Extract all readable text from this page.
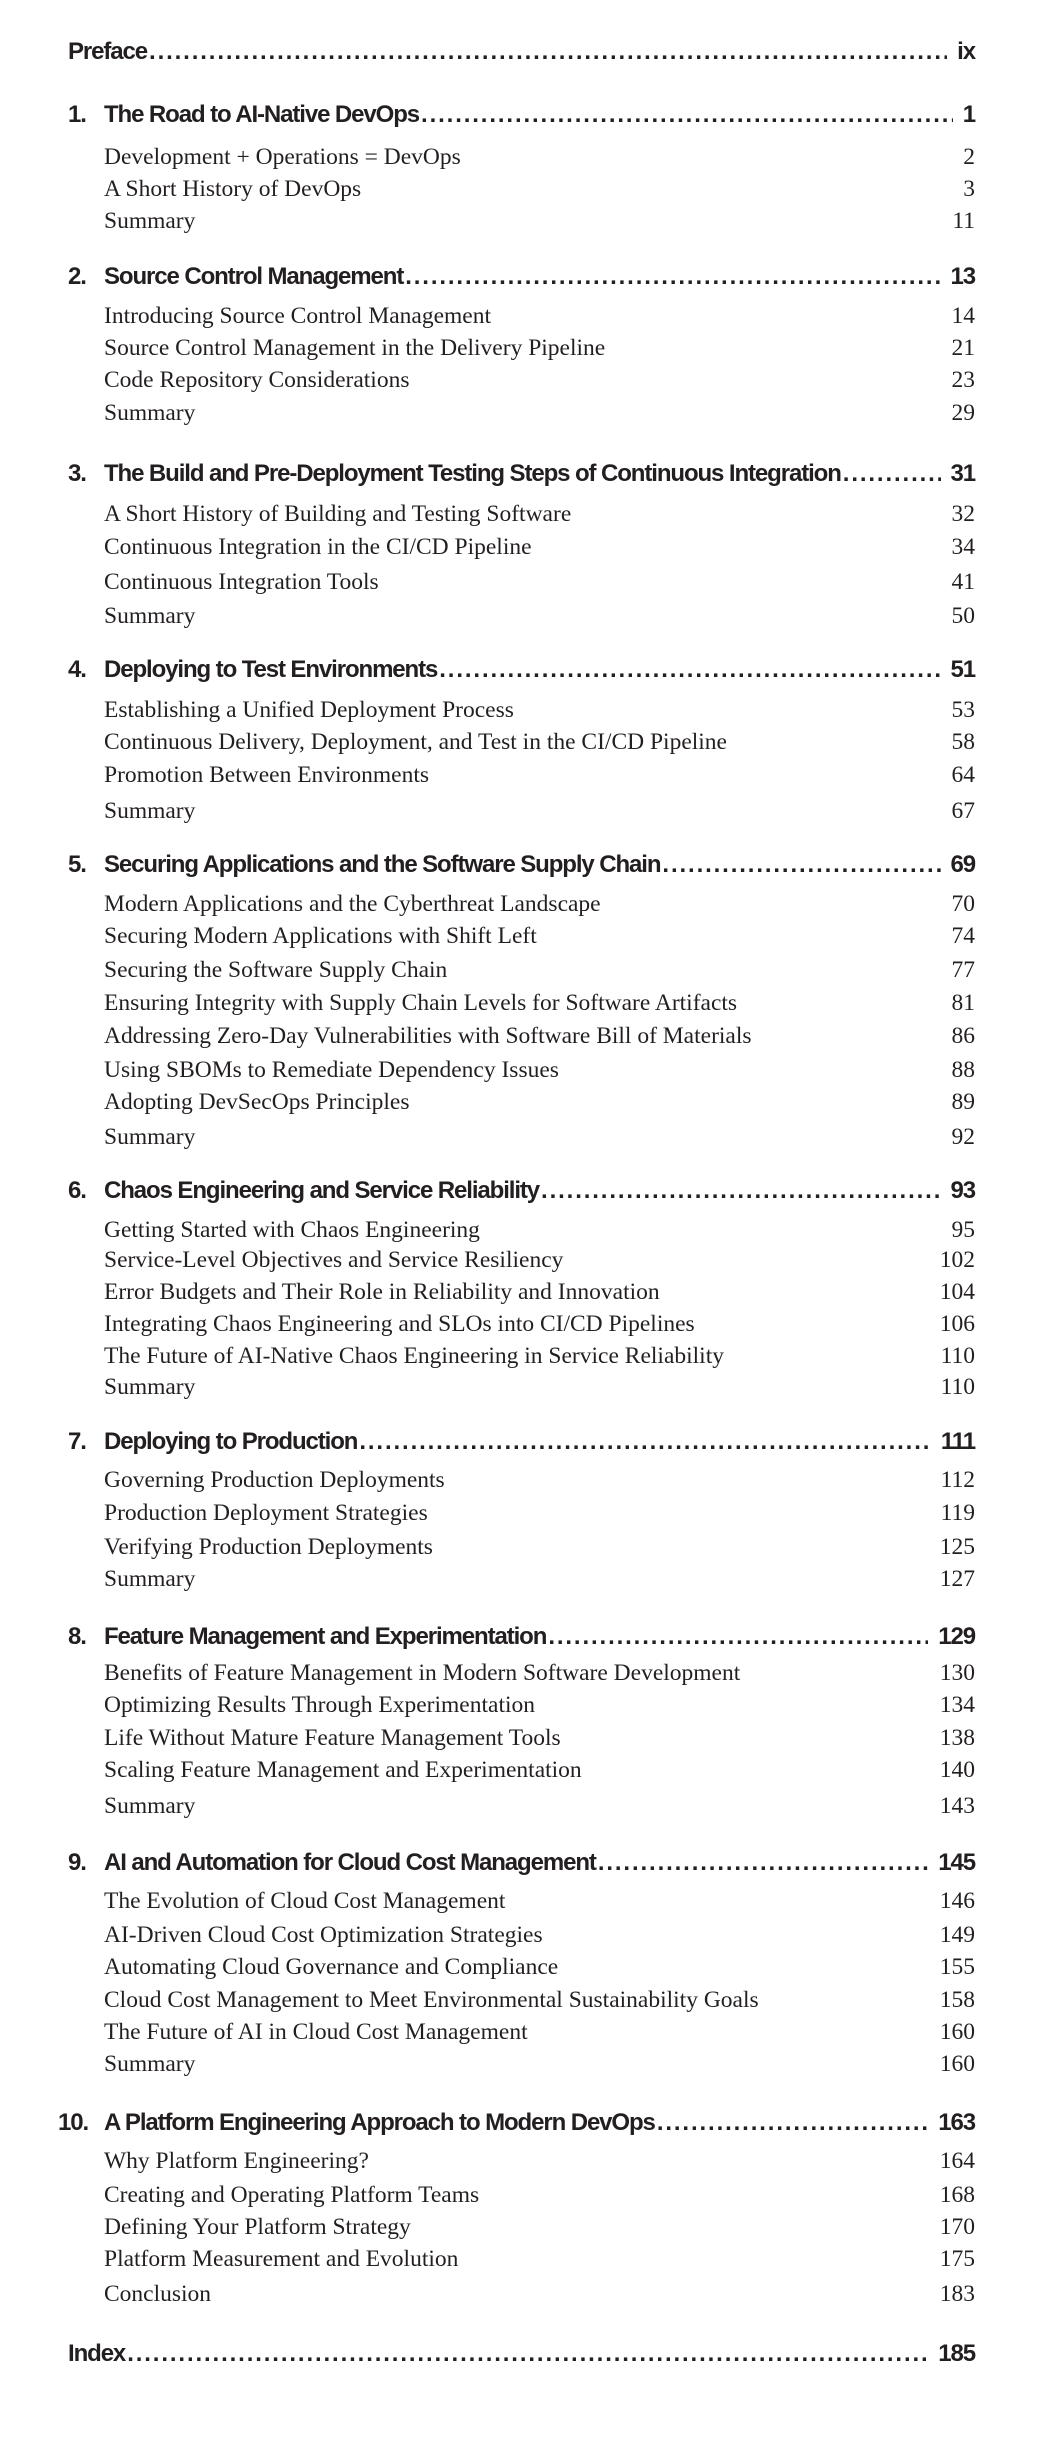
Preface . . .	ix
1. The Road to AI-Native DevOps . . .	1
Development + Operations = DevOps	2
A Short History of DevOps	3
Summary	11
2. Source Control Management . . .	13
Introducing Source Control Management	14
Source Control Management in the Delivery Pipeline	21
Code Repository Considerations	23
Summary	29
3. The Build and Pre-Deployment Testing Steps of Continuous Integration . . .	31
A Short History of Building and Testing Software	32
Continuous Integration in the CI/CD Pipeline	34
Continuous Integration Tools	41
Summary	50
4. Deploying to Test Environments . . .	51
Establishing a Unified Deployment Process	53
Continuous Delivery, Deployment, and Test in the CI/CD Pipeline	58
Promotion Between Environments	64
Summary	67
5. Securing Applications and the Software Supply Chain . . .	69
Modern Applications and the Cyberthreat Landscape	70
Securing Modern Applications with Shift Left	74
Securing the Software Supply Chain	77
Ensuring Integrity with Supply Chain Levels for Software Artifacts	81
Addressing Zero-Day Vulnerabilities with Software Bill of Materials	86
Using SBOMs to Remediate Dependency Issues	88
Adopting DevSecOps Principles	89
Summary	92
6. Chaos Engineering and Service Reliability . . .	93
Getting Started with Chaos Engineering	95
Service-Level Objectives and Service Resiliency	102
Error Budgets and Their Role in Reliability and Innovation	104
Integrating Chaos Engineering and SLOs into CI/CD Pipelines	106
The Future of AI-Native Chaos Engineering in Service Reliability	110
Summary	110
7. Deploying to Production . . .	111
Governing Production Deployments	112
Production Deployment Strategies	119
Verifying Production Deployments	125
Summary	127
8. Feature Management and Experimentation . . .	129
Benefits of Feature Management in Modern Software Development	130
Optimizing Results Through Experimentation	134
Life Without Mature Feature Management Tools	138
Scaling Feature Management and Experimentation	140
Summary	143
9. AI and Automation for Cloud Cost Management . . .	145
The Evolution of Cloud Cost Management	146
AI-Driven Cloud Cost Optimization Strategies	149
Automating Cloud Governance and Compliance	155
Cloud Cost Management to Meet Environmental Sustainability Goals	158
The Future of AI in Cloud Cost Management	160
Summary	160
10. A Platform Engineering Approach to Modern DevOps . . .	163
Why Platform Engineering?	164
Creating and Operating Platform Teams	168
Defining Your Platform Strategy	170
Platform Measurement and Evolution	175
Conclusion	183
Index . . .	185
